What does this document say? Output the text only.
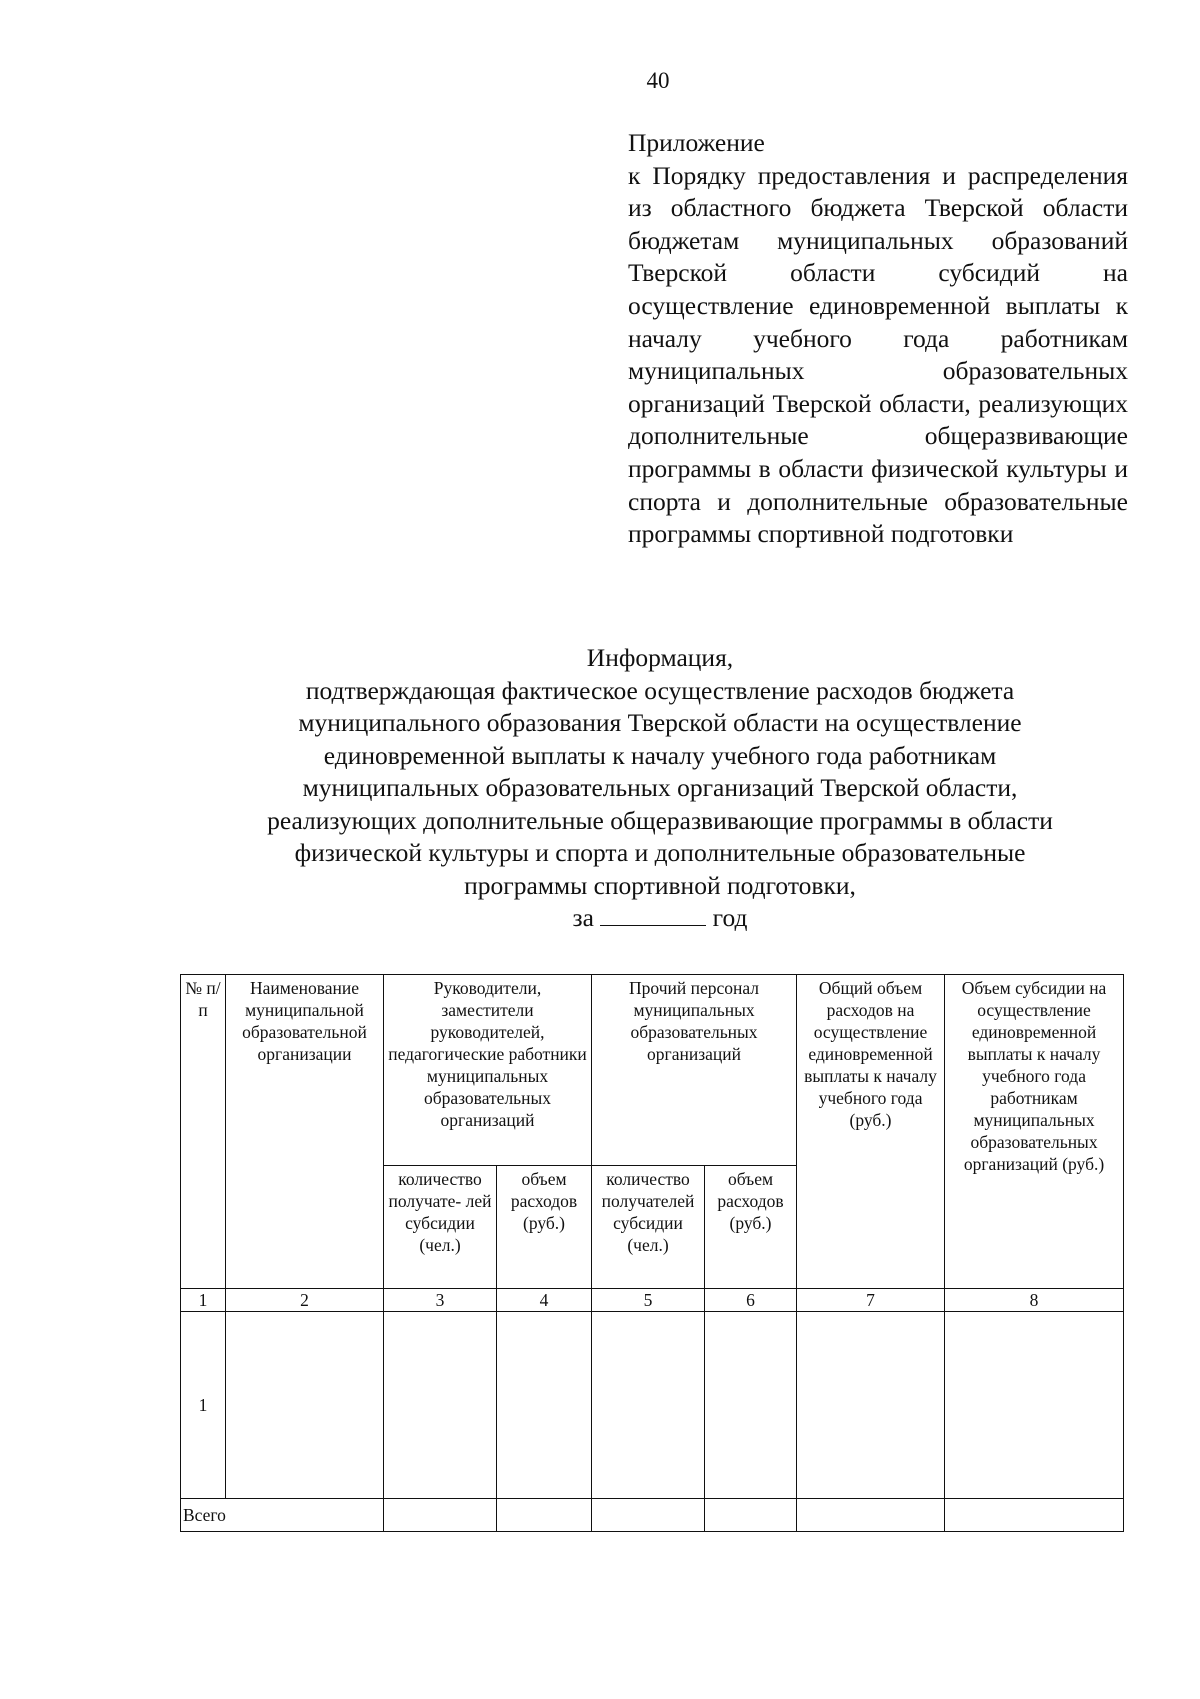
40
Приложение
к Порядку предоставления и распределения из областного бюджета Тверской области бюджетам муниципальных образований Тверской области субсидий на осуществление единовременной выплаты к началу учебного года работникам муниципальных образовательных организаций Тверской области, реализующих дополнительные общеразвивающие программы в области физической культуры и спорта и дополнительные образовательные программы спортивной подготовки
Информация,
подтверждающая фактическое осуществление расходов бюджета
муниципального образования Тверской области на осуществление
единовременной выплаты к началу учебного года работникам
муниципальных образовательных организаций Тверской области,
реализующих дополнительные общеразвивающие программы в области
физической культуры и спорта и дополнительные образовательные
программы спортивной подготовки,
за	год
№ п/п	Наименование муниципальной образовательной организации	Руководители, заместители руководителей, педагогические работники муниципальных образовательных организаций		Прочий персонал муниципальных образовательных организаций		Общий объем расходов на осуществление единовременной выплаты к началу учебного года (руб.)	Объем субсидии на осуществление единовременной выплаты к началу учебного года работникам муниципальных образовательных организаций (руб.)
		количество получате- лей субсидии (чел.)	объем расходов (руб.)	количество получателей субсидии (чел.)	объем расходов (руб.)		
1	2	3	4	5	6	7	8
1							
Всего							
